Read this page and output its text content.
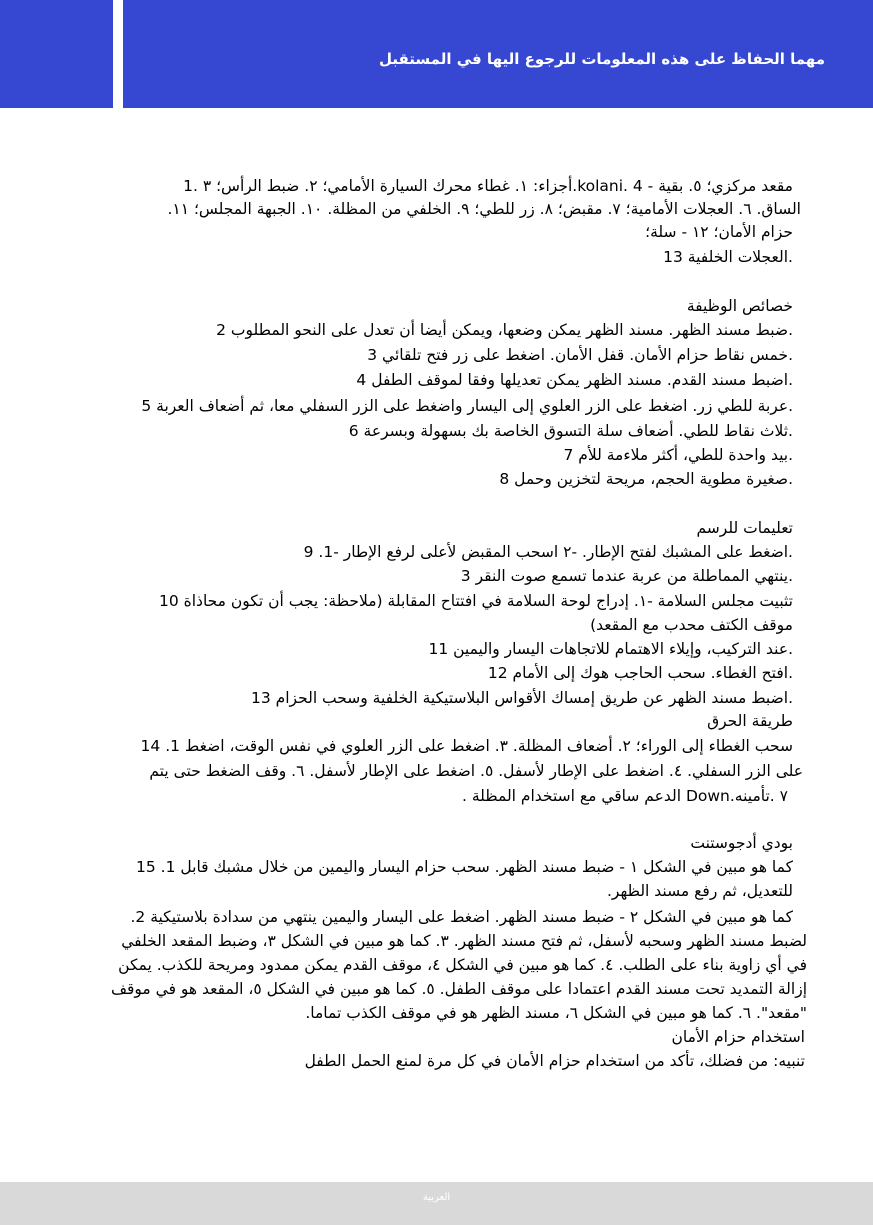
مهما الحفاظ على هذه المعلومات للرجوع اليها في المستقبل
مقعد مركزي؛ ٥. بقية - kolani. 4.أجزاء: ١. غطاء محرك السيارة الأمامي؛ ٢. ضبط الرأس؛ ٣ .1
الساق. ٦. العجلات الأمامية؛ ٧. مقبض؛ ٨. زر للطي؛ ٩. الخلفي من المظلة. ١٠. الجبهة المجلس؛ ١١.
حزام الأمان؛ ١٢ - سلة؛
.العجلات الخلفية 13
خصائص الوظيفة
.ضبط مسند الظهر. مسند الظهر يمكن وضعها، ويمكن أيضا أن تعدل على النحو المطلوب 2
.خمس نقاط حزام الأمان. قفل الأمان. اضغط على زر فتح تلقائي 3
.اضبط مسند القدم. مسند الظهر يمكن تعديلها وفقا لموقف الطفل 4
.عربة للطي زر. اضغط على الزر العلوي إلى اليسار واضغط على الزر السفلي معا، ثم أضعاف العربة 5
.ثلاث نقاط للطي. أضعاف سلة التسوق الخاصة بك بسهولة وبسرعة 6
.بيد واحدة للطي، أكثر ملاءمة للأم 7
.صغيرة مطوية الحجم، مريحة لتخزين وحمل 8
تعليمات للرسم
.اضغط على المشبك لفتح الإطار. -٢ اسحب المقبض لأعلى لرفع الإطار -1. 9
.ينتهي المماطلة من عربة عندما تسمع صوت النقر 3
تثبيت مجلس السلامة -١. إدراج لوحة السلامة في افتتاح المقابلة (ملاحظة: يجب أن تكون محاذاة 10
موقف الكتف محدب مع المقعد)
.عند التركيب، وإيلاء الاهتمام للاتجاهات اليسار واليمين 11
.افتح الغطاء. سحب الحاجب هوك إلى الأمام 12
.اضبط مسند الظهر عن طريق إمساك الأقواس البلاستيكية الخلفية وسحب الحزام 13
طريقة الحرق
سحب الغطاء إلى الوراء؛ ٢. أضعاف المظلة. ٣. اضغط على الزر العلوي في نفس الوقت، اضغط 1. 14
على الزر السفلي. ٤. اضغط على الإطار لأسفل. ٥. اضغط على الإطار لأسفل. ٦. وقف الضغط حتى يتم
٧ .تأمينه.Down الدعم ساقي مع استخدام المظلة .
بودي أدجوستنت
كما هو مبين في الشكل ١ - ضبط مسند الظهر. سحب حزام اليسار واليمين من خلال مشبك قابل 1. 15
للتعديل، ثم رفع مسند الظهر.
كما هو مبين في الشكل ٢ - ضبط مسند الظهر. اضغط على اليسار واليمين ينتهي من سدادة بلاستيكية 2.
لضبط مسند الظهر وسحبه لأسفل، ثم فتح مسند الظهر. ٣. كما هو مبين في الشكل ٣، وضبط المقعد الخلفي
في أي زاوية بناء على الطلب. ٤. كما هو مبين في الشكل ٤، موقف القدم يمكن ممدود ومريحة للكذب. يمكن
إزالة التمديد تحت مسند القدم اعتمادا على موقف الطفل. ٥. كما هو مبين في الشكل ٥، المقعد هو في موقف
"مقعد". ٦. كما هو مبين في الشكل ٦، مسند الظهر هو في موقف الكذب تماما.
استخدام حزام الأمان
تنبيه: من فضلك، تأكد من استخدام حزام الأمان في كل مرة لمنع الحمل الطفل
العربية
